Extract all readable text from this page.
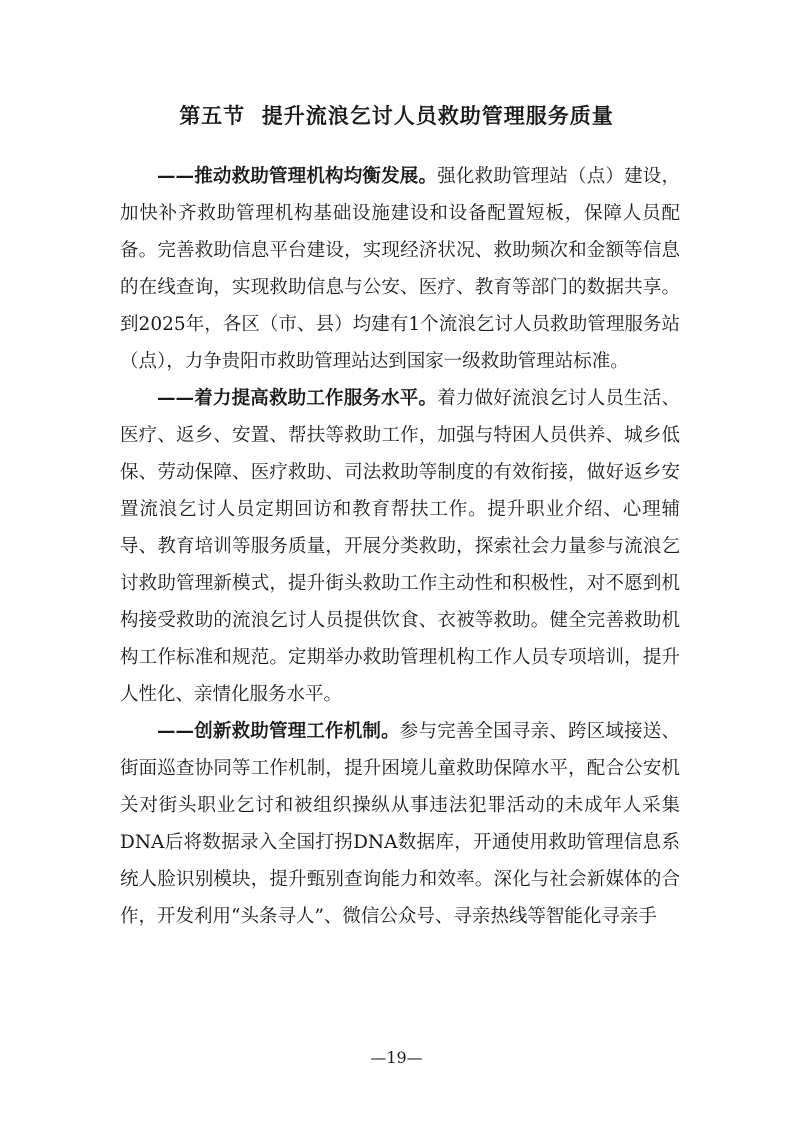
第五节  提升流浪乞讨人员救助管理服务质量

——推动救助管理机构均衡发展。强化救助管理站（点）建设，加快补齐救助管理机构基础设施建设和设备配置短板，保障人员配备。完善救助信息平台建设，实现经济状况、救助频次和金额等信息的在线查询，实现救助信息与公安、医疗、教育等部门的数据共享。到2025年，各区（市、县）均建有1个流浪乞讨人员救助管理服务站（点），力争贵阳市救助管理站达到国家一级救助管理站标准。

——着力提高救助工作服务水平。着力做好流浪乞讨人员生活、医疗、返乡、安置、帮扶等救助工作，加强与特困人员供养、城乡低保、劳动保障、医疗救助、司法救助等制度的有效衔接，做好返乡安置流浪乞讨人员定期回访和教育帮扶工作。提升职业介绍、心理辅导、教育培训等服务质量，开展分类救助，探索社会力量参与流浪乞讨救助管理新模式，提升街头救助工作主动性和积极性，对不愿到机构接受救助的流浪乞讨人员提供饮食、衣被等救助。健全完善救助机构工作标准和规范。定期举办救助管理机构工作人员专项培训，提升人性化、亲情化服务水平。

——创新救助管理工作机制。参与完善全国寻亲、跨区域接送、街面巡查协同等工作机制，提升困境儿童救助保障水平，配合公安机关对街头职业乞讨和被组织操纵从事违法犯罪活动的未成年人采集DNA后将数据录入全国打拐DNA数据库，开通使用救助管理信息系统人脸识别模块，提升甄别查询能力和效率。深化与社会新媒体的合作，开发利用“头条寻人”、微信公众号、寻亲热线等智能化寻亲手

—19—
